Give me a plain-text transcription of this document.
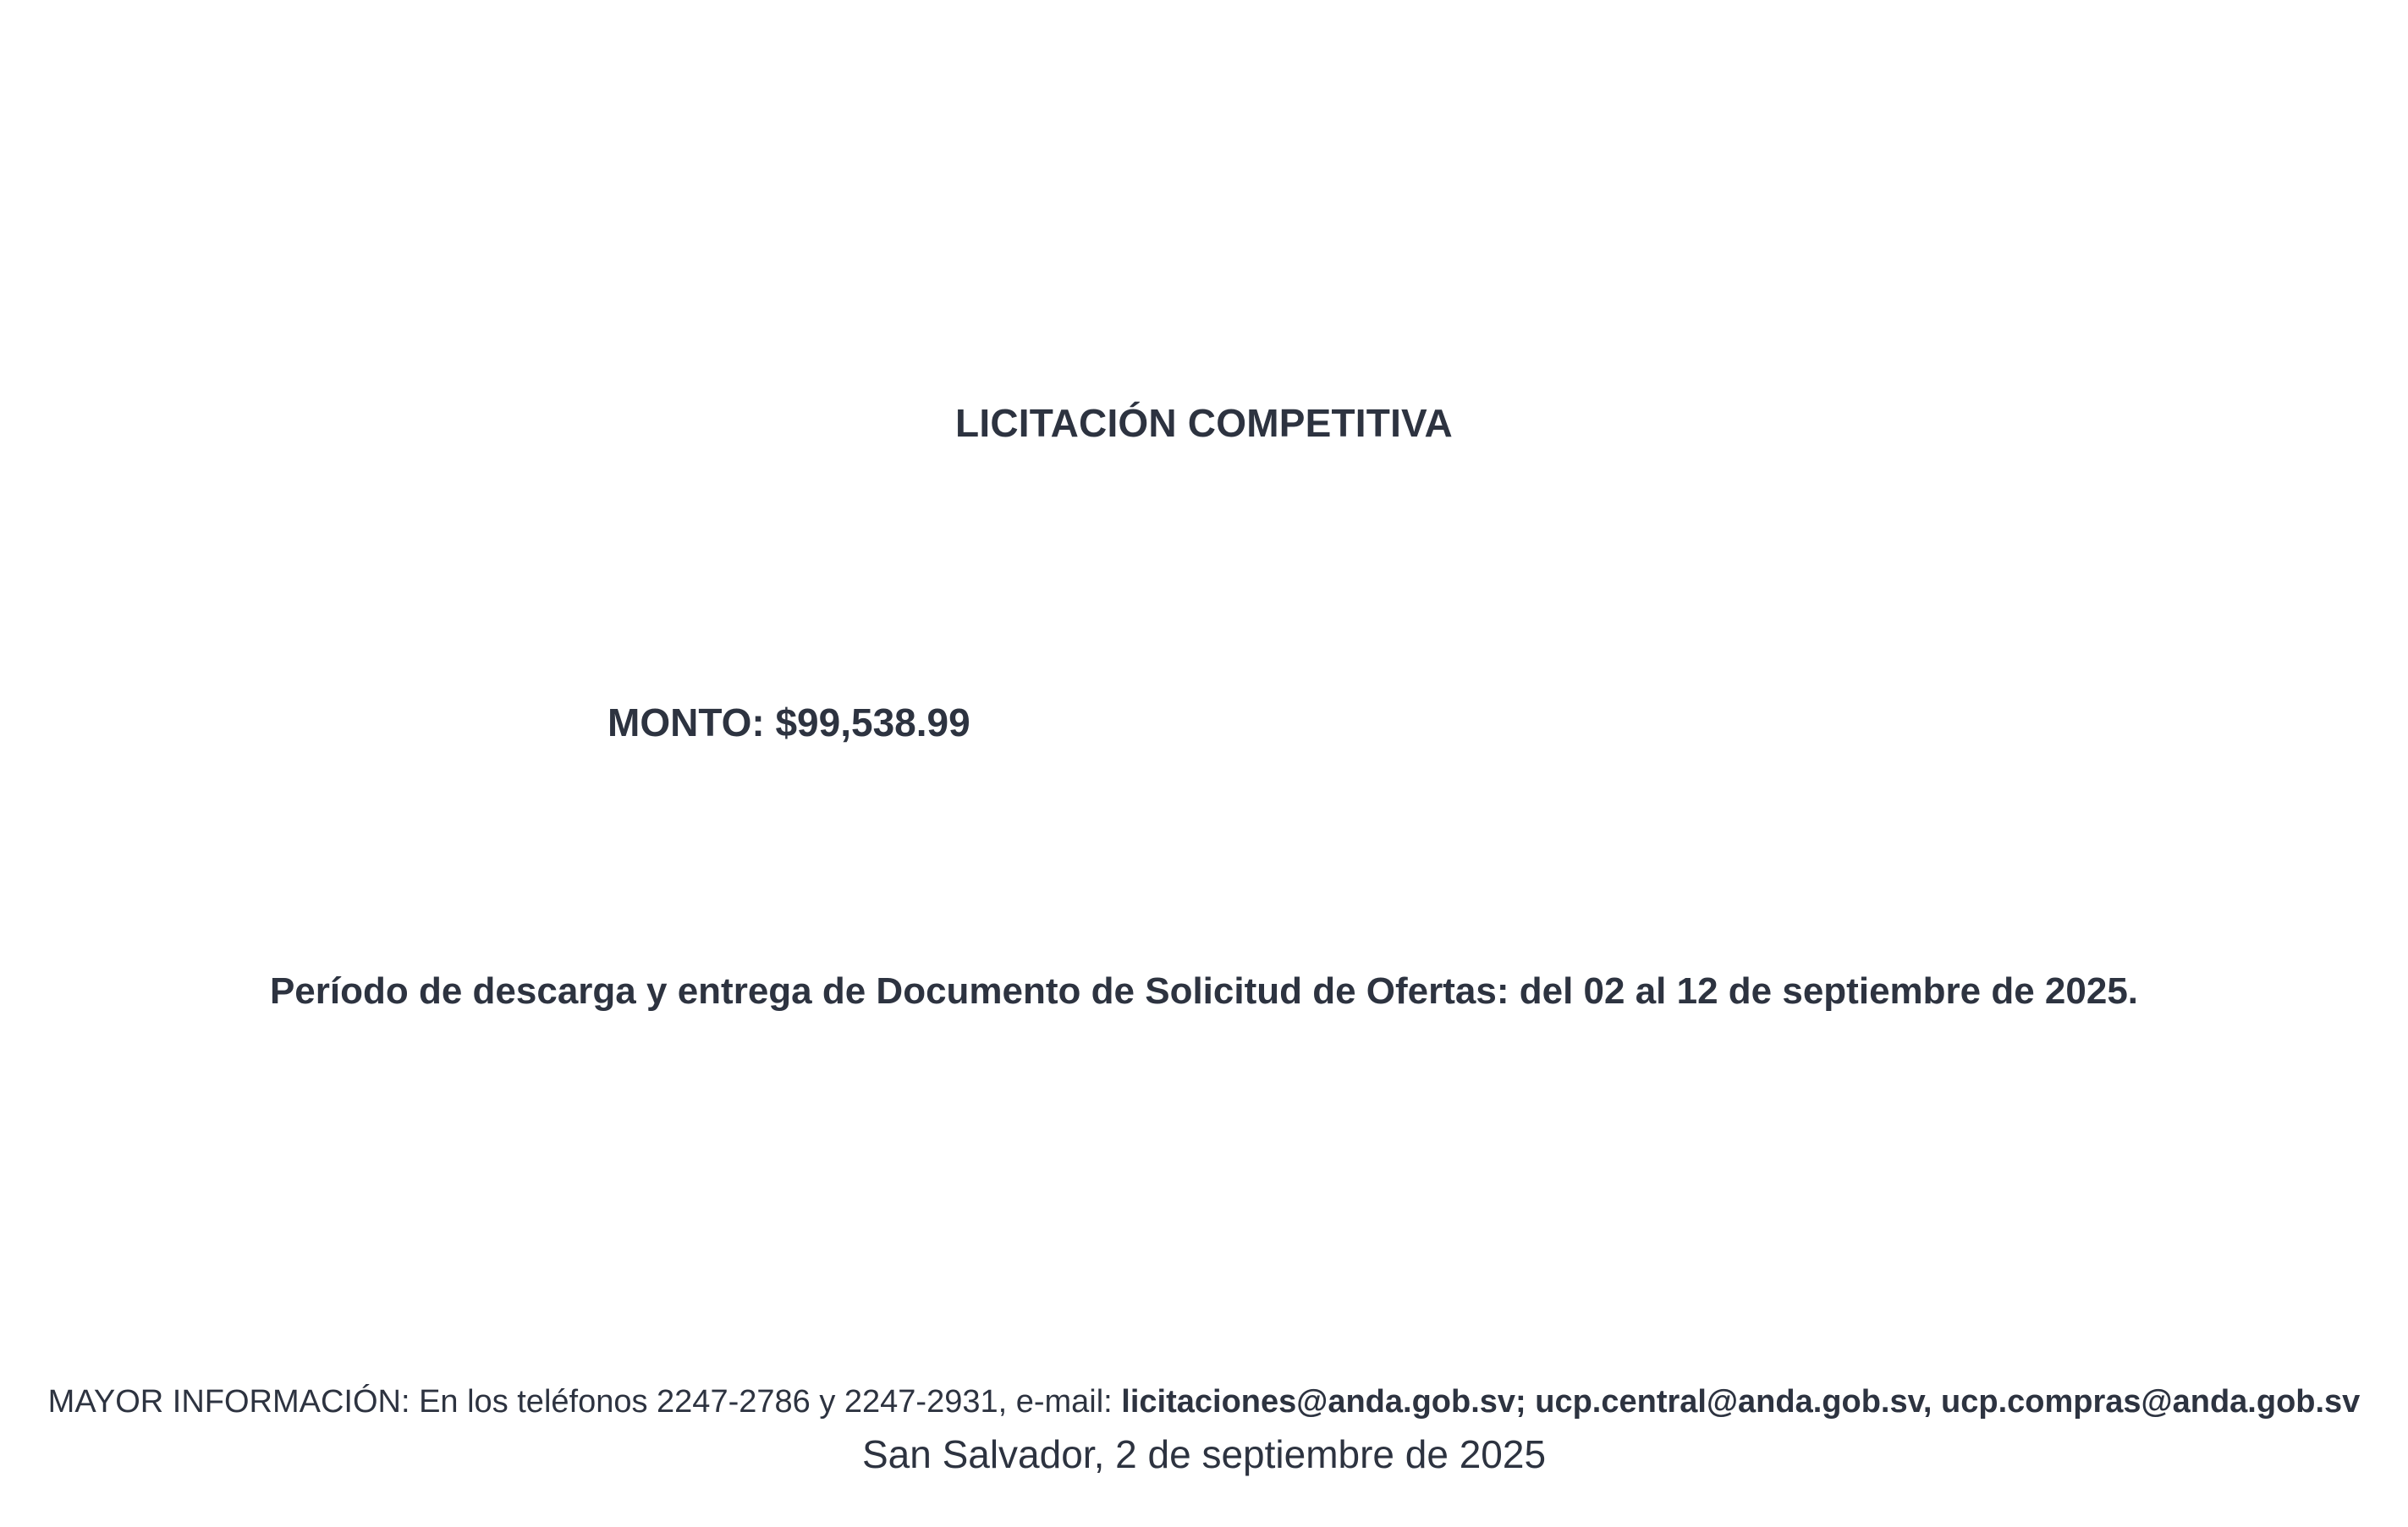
LICITACIÓN COMPETITIVA
MONTO: $99,538.99
Período de descarga y entrega de Documento de Solicitud de Ofertas: del 02 al 12 de septiembre de 2025.
MAYOR INFORMACIÓN: En los teléfonos 2247-2786 y 2247-2931, e-mail: licitaciones@anda.gob.sv; ucp.central@anda.gob.sv, ucp.compras@anda.gob.sv
San Salvador, 2 de septiembre de 2025
